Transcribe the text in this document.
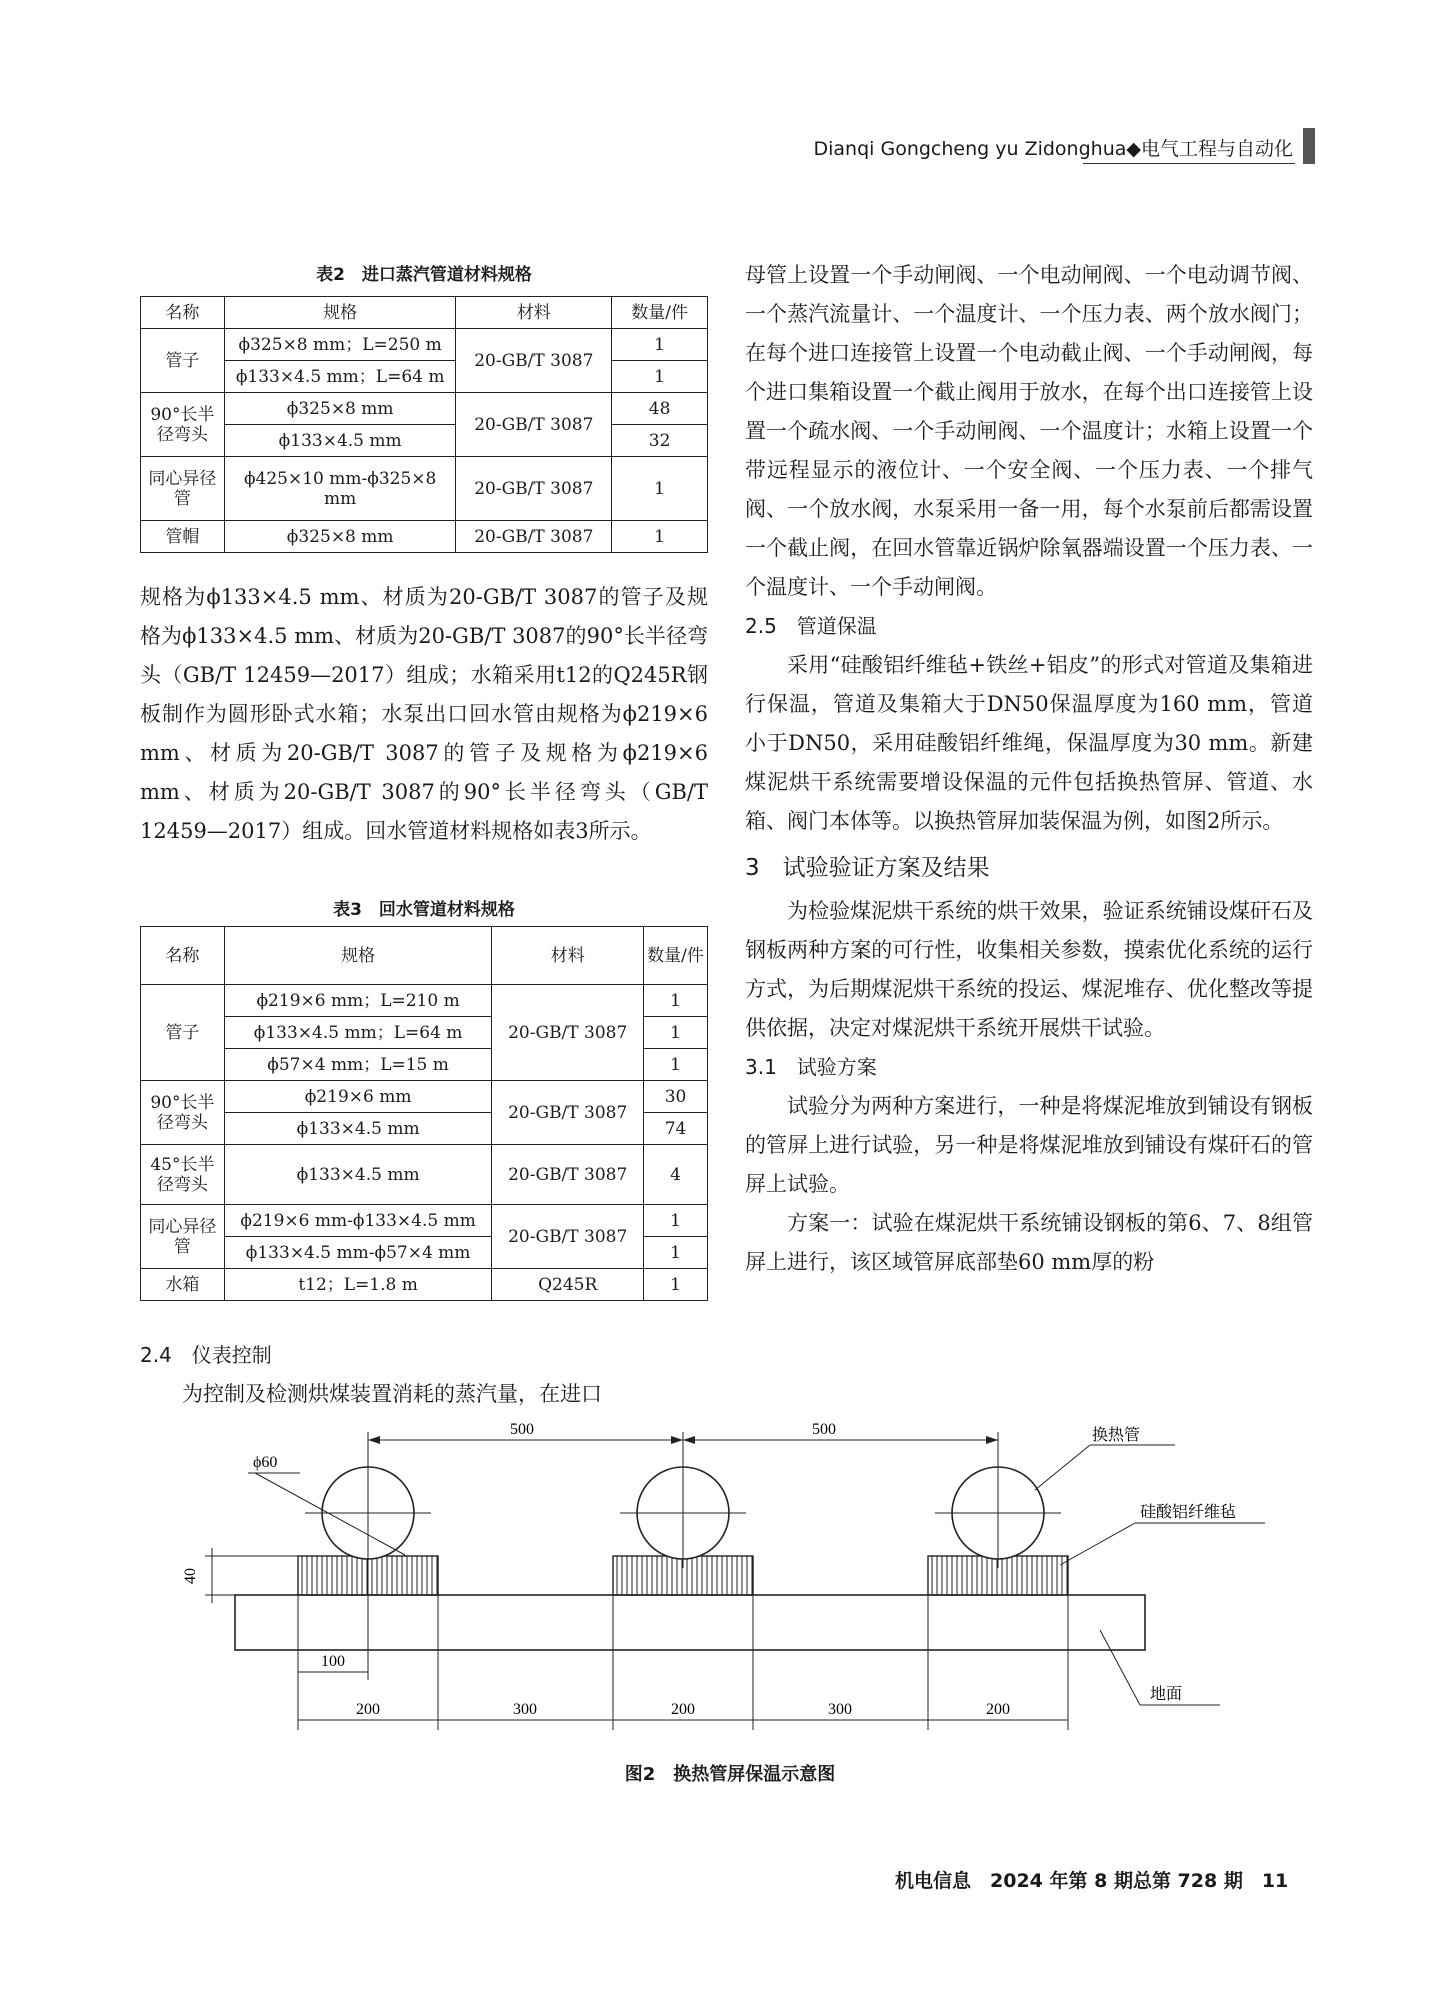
Dianqi Gongcheng yu Zidonghua◆电气工程与自动化
表2　进口蒸汽管道材料规格
名称	规格	材料	数量/件
管子	ϕ325×8 mm；L=250 m	20-GB/T 3087	1
	ϕ133×4.5 mm；L=64 m		1
90°长半径弯头	ϕ325×8 mm	20-GB/T 3087	48
	ϕ133×4.5 mm		32
同心异径管	ϕ425×10 mm-ϕ325×8 mm	20-GB/T 3087	1
管帽	ϕ325×8 mm	20-GB/T 3087	1

规格为ϕ133×4.5 mm、材质为20-GB/T 3087的管子及规格为ϕ133×4.5 mm、材质为20-GB/T 3087的90°长半径弯头（GB/T 12459—2017）组成；水箱采用t12的Q245R钢板制作为圆形卧式水箱；水泵出口回水管由规格为ϕ219×6 mm、材质为20-GB/T 3087的管子及规格为ϕ219×6 mm、材质为20-GB/T 3087的90°长半径弯头（GB/T 12459—2017）组成。回水管道材料规格如表3所示。

表3　回水管道材料规格
名称	规格	材料	数量/件
管子	ϕ219×6 mm；L=210 m	20-GB/T 3087	1
	ϕ133×4.5 mm；L=64 m		1
	ϕ57×4 mm；L=15 m		1
90°长半径弯头	ϕ219×6 mm	20-GB/T 3087	30
	ϕ133×4.5 mm		74
45°长半径弯头	ϕ133×4.5 mm	20-GB/T 3087	4
同心异径管	ϕ219×6 mm-ϕ133×4.5 mm	20-GB/T 3087	1
	ϕ133×4.5 mm-ϕ57×4 mm		1
水箱	t12；L=1.8 m	Q245R	1

2.4　仪表控制

为控制及检测烘煤装置消耗的蒸汽量，在进口

母管上设置一个手动闸阀、一个电动闸阀、一个电动调节阀、一个蒸汽流量计、一个温度计、一个压力表、两个放水阀门；在每个进口连接管上设置一个电动截止阀、一个手动闸阀，每个进口集箱设置一个截止阀用于放水，在每个出口连接管上设置一个疏水阀、一个手动闸阀、一个温度计；水箱上设置一个带远程显示的液位计、一个安全阀、一个压力表、一个排气阀、一个放水阀，水泵采用一备一用，每个水泵前后都需设置一个截止阀，在回水管靠近锅炉除氧器端设置一个压力表、一个温度计、一个手动闸阀。

2.5　管道保温

采用“硅酸铝纤维毡+铁丝+铝皮”的形式对管道及集箱进行保温，管道及集箱大于DN50保温厚度为160 mm，管道小于DN50，采用硅酸铝纤维绳，保温厚度为30 mm。新建煤泥烘干系统需要增设保温的元件包括换热管屏、管道、水箱、阀门本体等。以换热管屏加装保温为例，如图2所示。

3　试验验证方案及结果

为检验煤泥烘干系统的烘干效果，验证系统铺设煤矸石及钢板两种方案的可行性，收集相关参数，摸索优化系统的运行方式，为后期煤泥烘干系统的投运、煤泥堆存、优化整改等提供依据，决定对煤泥烘干系统开展烘干试验。

3.1　试验方案

试验分为两种方案进行，一种是将煤泥堆放到铺设有钢板的管屏上进行试验，另一种是将煤泥堆放到铺设有煤矸石的管屏上试验。

方案一：试验在煤泥烘干系统铺设钢板的第6、7、8组管屏上进行，该区域管屏底部垫60 mm厚的粉

500	500
ϕ60
40
100
200	300	200	300	200
换热管
硅酸铝纤维毡
地面
图2　换热管屏保温示意图
机电信息　2024 年第 8 期总第 728 期　11
